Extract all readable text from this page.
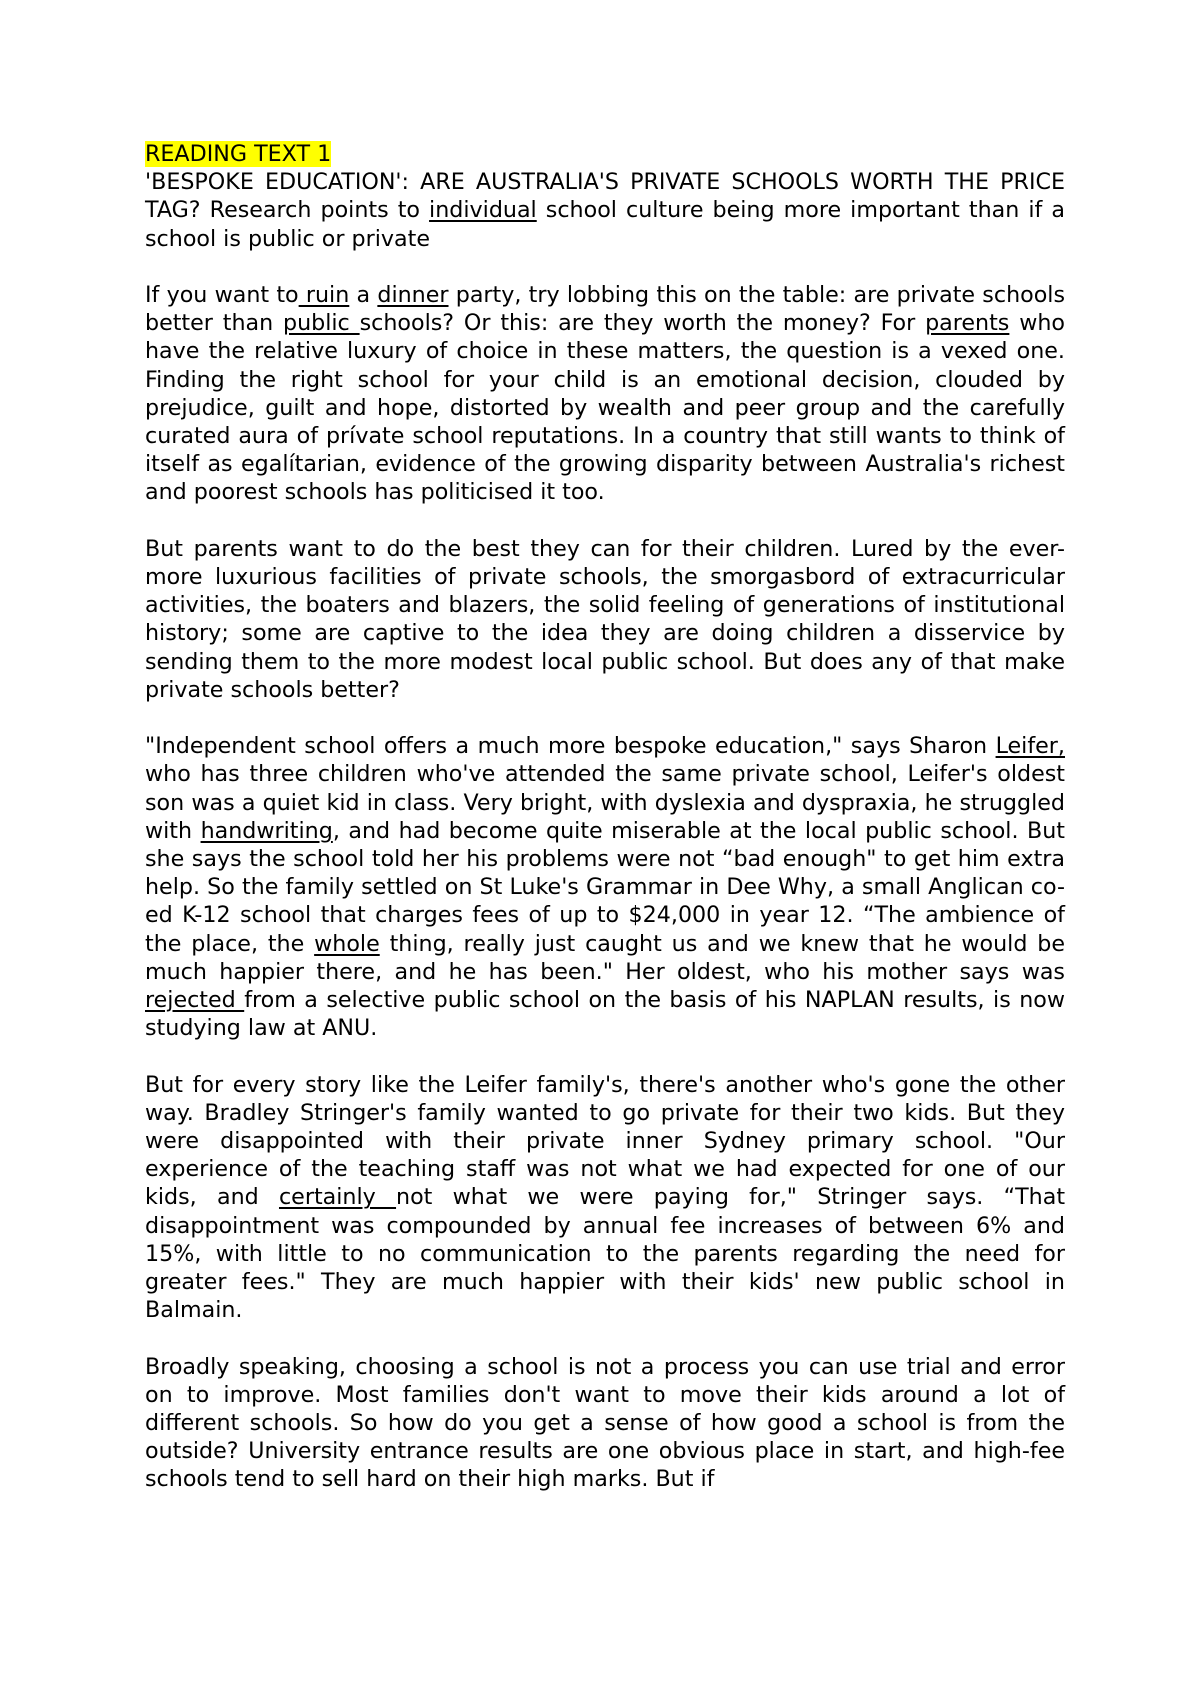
READING TEXT 1

'BESPOKE EDUCATION': ARE AUSTRALIA'S PRIVATE SCHOOLS WORTH THE PRICE TAG? Research points to individual school culture being more important than if a school is public or private

If you want to ruin a dinner party, try lobbing this on the table: are private schools better than public schools? Or this: are they worth the money? For parents who have the relative luxury of choice in these matters, the question is a vexed one. Finding the right school for your child is an emotional decision, clouded by prejudice, guilt and hope, distorted by wealth and peer group and the carefully curated aura of prívate school reputations. In a country that still wants to think of itself as egalítarian, evidence of the growing disparity between Australia's richest and poorest schools has politicised it too.

But parents want to do the best they can for their children. Lured by the ever-more luxurious facilities of private schools, the smorgasbord of extracurricular activities, the boaters and blazers, the solid feeling of generations of institutional history; some are captive to the idea they are doing children a disservice by sending them to the more modest local public school. But does any of that make private schools better?

"Independent school offers a much more bespoke education," says Sharon Leifer, who has three children who've attended the same private school, Leifer's oldest son was a quiet kid in class. Very bright, with dyslexia and dyspraxia, he struggled with handwriting, and had become quite miserable at the local public school. But she says the school told her his problems were not “bad enough" to get him extra help. So the family settled on St Luke's Grammar in Dee Why, a small Anglican co-ed K-12 school that charges fees of up to $24,000 in year 12. “The ambience of the place, the whole thing, really just caught us and we knew that he would be much happier there, and he has been." Her oldest, who his mother says was rejected from a selective public school on the basis of his NAPLAN results, is now studying law at ANU.

But for every story like the Leifer family's, there's another who's gone the other way. Bradley Stringer's family wanted to go private for their two kids. But they were disappointed with their private inner Sydney primary school. "Our experience of the teaching staff was not what we had expected for one of our kids, and certainly not what we were paying for," Stringer says. “That disappointment was compounded by annual fee increases of between 6% and 15%, with little to no communication to the parents regarding the need for greater fees." They are much happier with their kids' new public school in Balmain.

Broadly speaking, choosing a school is not a process you can use trial and error on to improve. Most families don't want to move their kids around a lot of different schools. So how do you get a sense of how good a school is from the outside? University entrance results are one obvious place in start, and high-fee schools tend to sell hard on their high marks. But if
